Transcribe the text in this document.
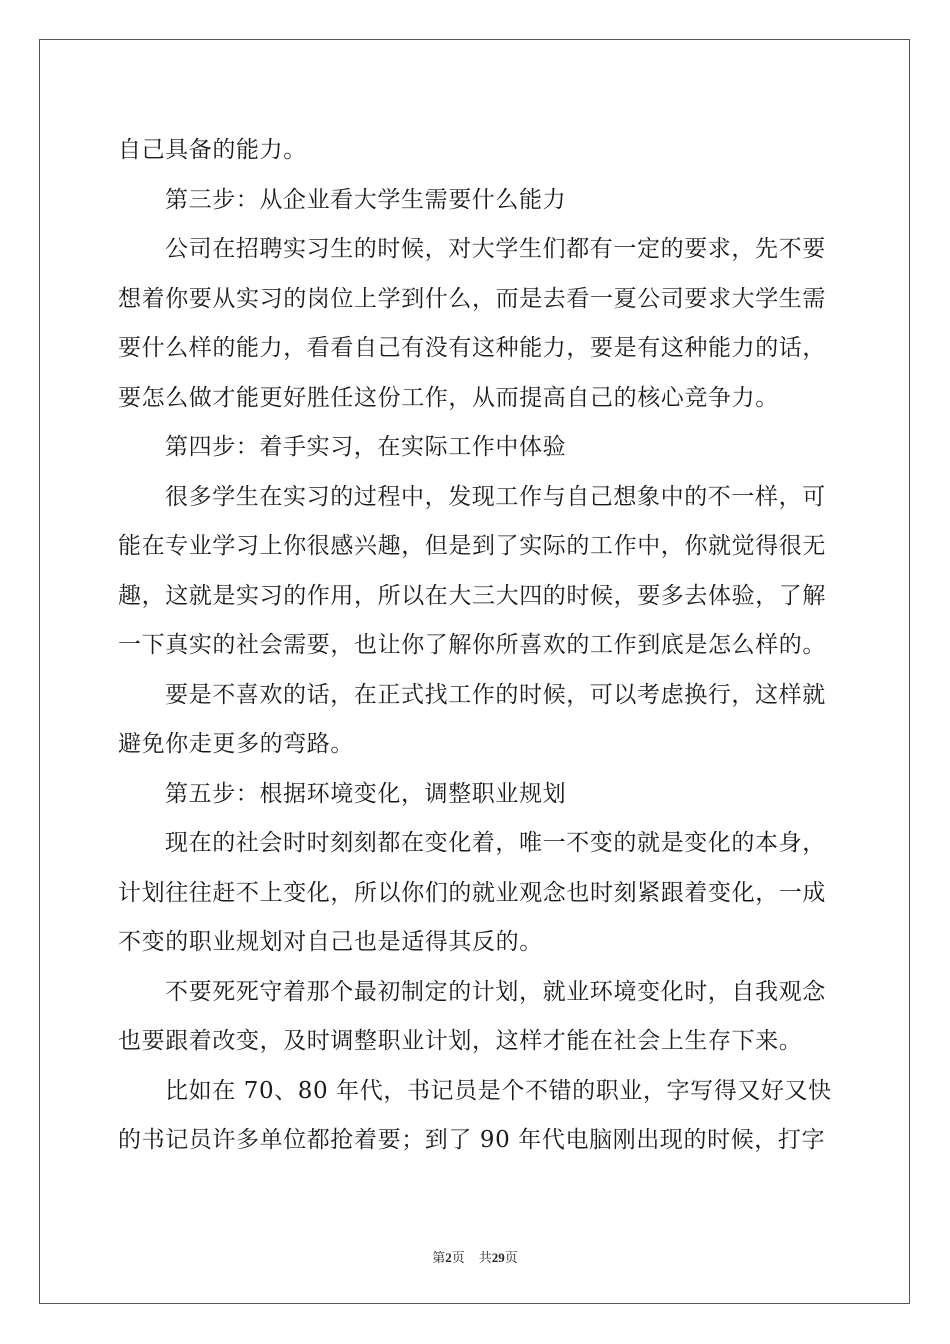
自己具备的能力。

第三步：从企业看大学生需要什么能力

公司在招聘实习生的时候，对大学生们都有一定的要求，先不要

想着你要从实习的岗位上学到什么，而是去看一夏公司要求大学生需

要什么样的能力，看看自己有没有这种能力，要是有这种能力的话，

要怎么做才能更好胜任这份工作，从而提高自己的核心竞争力。

第四步：着手实习，在实际工作中体验

很多学生在实习的过程中，发现工作与自己想象中的不一样，可

能在专业学习上你很感兴趣，但是到了实际的工作中，你就觉得很无

趣，这就是实习的作用，所以在大三大四的时候，要多去体验，了解

一下真实的社会需要，也让你了解你所喜欢的工作到底是怎么样的。

要是不喜欢的话，在正式找工作的时候，可以考虑换行，这样就

避免你走更多的弯路。

第五步：根据环境变化，调整职业规划

现在的社会时时刻刻都在变化着，唯一不变的就是变化的本身，

计划往往赶不上变化，所以你们的就业观念也时刻紧跟着变化，一成

不变的职业规划对自己也是适得其反的。

不要死死守着那个最初制定的计划，就业环境变化时，自我观念

也要跟着改变，及时调整职业计划，这样才能在社会上生存下来。

比如在 70、80 年代，书记员是个不错的职业，字写得又好又快

的书记员许多单位都抢着要；到了 90 年代电脑刚出现的时候，打字

第2页 共29页
